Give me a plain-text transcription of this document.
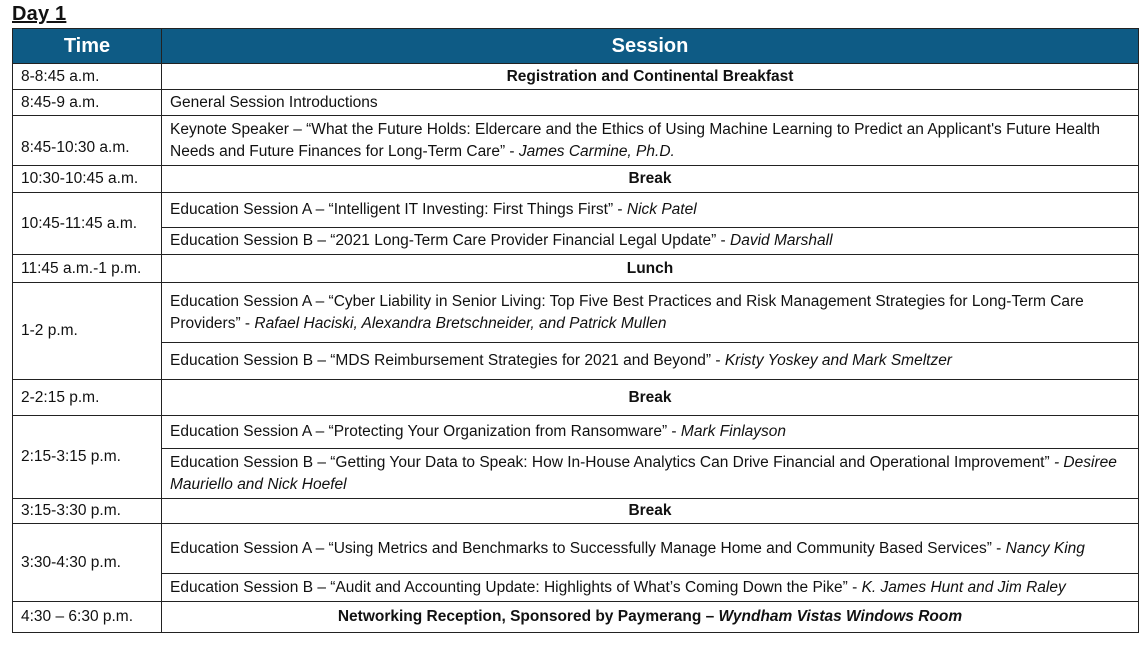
Day 1
Time	Session
8-8:45 a.m.	Registration and Continental Breakfast
8:45-9 a.m.	General Session Introductions
8:45-10:30 a.m.	Keynote Speaker – “What the Future Holds: Eldercare and the Ethics of Using Machine Learning to Predict an Applicant's Future Health Needs and Future Finances for Long-Term Care” - James Carmine, Ph.D.
10:30-10:45 a.m.	Break
10:45-11:45 a.m.	Education Session A – “Intelligent IT Investing: First Things First” - Nick Patel
	Education Session B – “2021 Long-Term Care Provider Financial Legal Update” - David Marshall
11:45 a.m.-1 p.m.	Lunch
1-2 p.m.	Education Session A – “Cyber Liability in Senior Living: Top Five Best Practices and Risk Management Strategies for Long-Term Care Providers” - Rafael Haciski, Alexandra Bretschneider, and Patrick Mullen
	Education Session B – “MDS Reimbursement Strategies for 2021 and Beyond” - Kristy Yoskey and Mark Smeltzer
2-2:15 p.m.	Break
2:15-3:15 p.m.	Education Session A – “Protecting Your Organization from Ransomware” - Mark Finlayson
	Education Session B – “Getting Your Data to Speak: How In-House Analytics Can Drive Financial and Operational Improvement” - Desiree Mauriello and Nick Hoefel
3:15-3:30 p.m.	Break
3:30-4:30 p.m.	Education Session A – “Using Metrics and Benchmarks to Successfully Manage Home and Community Based Services” - Nancy King
	Education Session B – “Audit and Accounting Update: Highlights of What’s Coming Down the Pike” - K. James Hunt and Jim Raley
4:30 – 6:30 p.m.	Networking Reception, Sponsored by Paymerang – Wyndham Vistas Windows Room
